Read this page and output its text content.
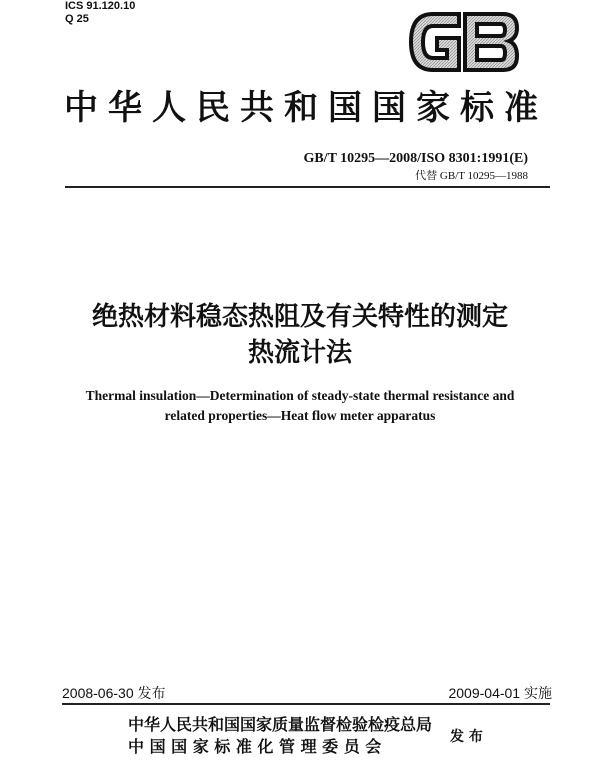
ICS 91.120.10
Q 25
中华人民共和国国家标准
GB/T 10295—2008/ISO 8301:1991(E)
代替 GB/T 10295—1988
绝热材料稳态热阻及有关特性的测定
热流计法
Thermal insulation—Determination of steady-state thermal resistance and
related properties—Heat flow meter apparatus
2008-06-30 发布	2009-04-01 实施
中华人民共和国国家质量监督检验检疫总局
中 国 国 家 标 准 化 管 理 委 员 会	发 布
